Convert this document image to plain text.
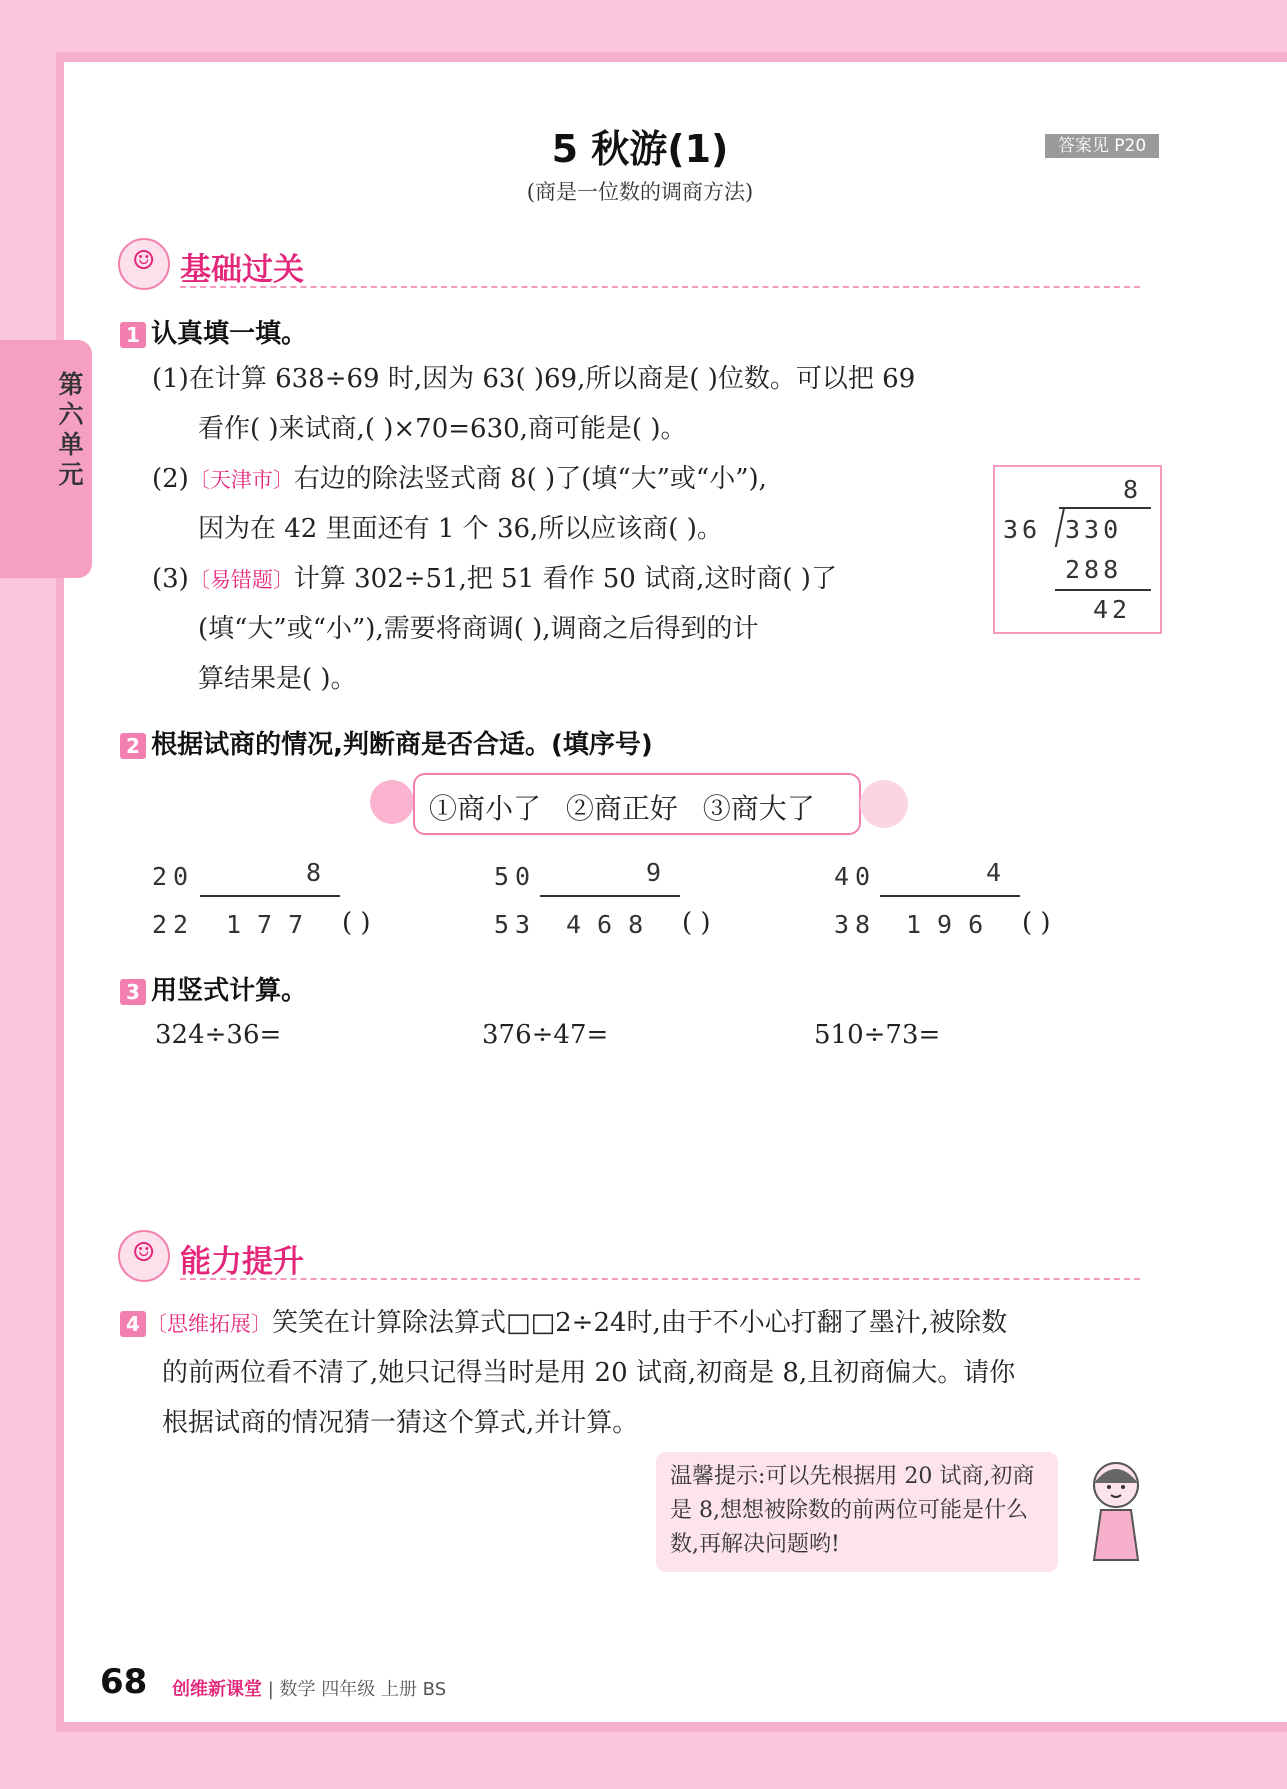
第六单元
5 秋游(1)
(商是一位数的调商方法)
答案见 P20
☺
基础过关
1 认真填一填。
(1)在计算 638÷69 时,因为 63( )69,所以商是( )位数。可以把 69
看作( )来试商,( )×70=630,商可能是( )。
(2)〔天津市〕右边的除法竖式商 8( )了(填“大”或“小”),
因为在 42 里面还有 1 个 36,所以应该商( )。
(3)〔易错题〕计算 302÷51,把 51 看作 50 试商,这时商( )了
(填“大”或“小”),需要将商调( ),调商之后得到的计
算结果是( )。
8
36 330
288
42
2 根据试商的情况,判断商是否合适。(填序号)
①商小了 ②商正好 ③商大了
20	8
22 177 ( )
50	9
53 468 ( )
40	4
38 196 ( )
3 用竖式计算。
324÷36=	376÷47=	510÷73=
☺
能力提升
4 〔思维拓展〕笑笑在计算除法算式□□2÷24时,由于不小心打翻了墨汁,被除数
的前两位看不清了,她只记得当时是用 20 试商,初商是 8,且初商偏大。请你
根据试商的情况猜一猜这个算式,并计算。
温馨提示:可以先根据用 20 试商,初商是 8,想想被除数的前两位可能是什么数,再解决问题哟!
68 创维新课堂 | 数学 四年级 上册 BS
